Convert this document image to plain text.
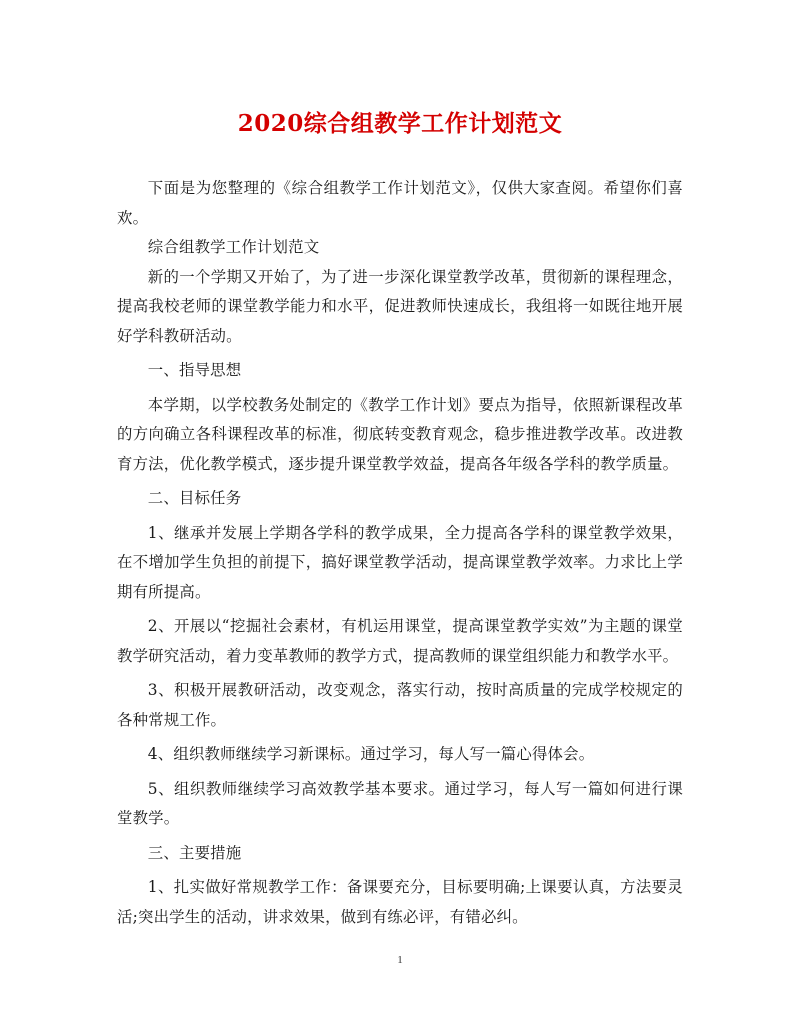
2020综合组教学工作计划范文

下面是为您整理的《综合组教学工作计划范文》，仅供大家查阅。希望你们喜欢。

综合组教学工作计划范文

新的一个学期又开始了，为了进一步深化课堂教学改革，贯彻新的课程理念，提高我校老师的课堂教学能力和水平，促进教师快速成长，我组将一如既往地开展好学科教研活动。

一、指导思想

本学期，以学校教务处制定的《教学工作计划》要点为指导，依照新课程改革的方向确立各科课程改革的标准，彻底转变教育观念，稳步推进教学改革。改进教育方法，优化教学模式，逐步提升课堂教学效益，提高各年级各学科的教学质量。

二、目标任务

1、继承并发展上学期各学科的教学成果，全力提高各学科的课堂教学效果，在不增加学生负担的前提下，搞好课堂教学活动，提高课堂教学效率。力求比上学期有所提高。

2、开展以“挖掘社会素材，有机运用课堂，提高课堂教学实效”为主题的课堂教学研究活动，着力变革教师的教学方式，提高教师的课堂组织能力和教学水平。

3、积极开展教研活动，改变观念，落实行动，按时高质量的完成学校规定的各种常规工作。

4、组织教师继续学习新课标。通过学习，每人写一篇心得体会。

5、组织教师继续学习高效教学基本要求。通过学习，每人写一篇如何进行课堂教学。

三、主要措施

1、扎实做好常规教学工作：备课要充分，目标要明确;上课要认真，方法要灵活;突出学生的活动，讲求效果，做到有练必评，有错必纠。

1
